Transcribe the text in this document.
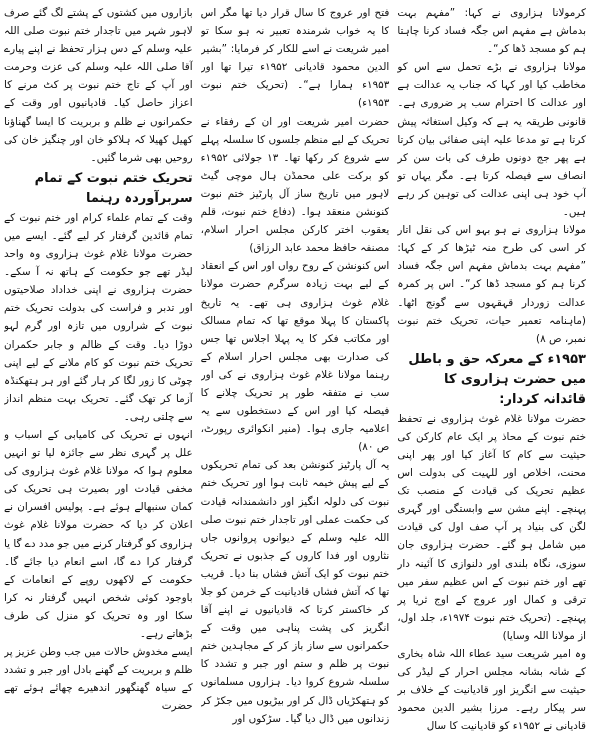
کرمولانا ہزاروی نے کہا: ”مفہم بہت بدماش ہے مفہم اس جگہ فساد کرنا چاہتا ہم کو مسجد ڈھا کر“۔

مولانا ہزاروی نے بڑے تحمل سے اس کو مخاطب کیا اور کہا کہ جناب یہ عدالت ہے اور عدالت کا احترام سب پر ضروری ہے۔ قانونی طریقہ یہ ہے کہ وکیل استغاثہ پیش کرتا ہے تو مدعا علیہ اپنی صفائی بیان کرتا ہے پھر جج دونوں طرف کی بات سن کر انصاف سے فیصلہ کرتا ہے۔ مگر یہاں تو آپ خود ہی اپنی عدالت کی توہین کر رہے ہیں۔

مولانا ہزاروی نے ہو بہو اس کی نقل اتار کر اسی کی طرح منہ ٹیڑھا کر کے کہا: ”مفہم بہت بدماش مفہم اس جگہ فساد کرنا ہم کو مسجد ڈھا کر“۔ اس پر کمرہ عدالت زوردار قہقہوں سے گونج اٹھا۔ (ماہنامہ تعمیر حیات، تحریک ختم نبوت نمبر، ص ۸)

۱۹۵۳ء کے معرکہ حق و باطل میں حضرت ہزاروی کا قائدانہ کردار:

حضرت مولانا غلام غوث ہزاروی نے تحفظ ختم نبوت کے محاذ پر ایک عام کارکن کی حیثیت سے کام کا آغاز کیا اور پھر اپنی محنت، اخلاص اور للہیت کی بدولت اس عظیم تحریک کی قیادت کے منصب تک پہنچے۔ اپنے مشن سے وابستگی اور گہری لگن کی بنیاد پر آپ صف اول کی قیادت میں شامل ہو گئے۔ حضرت ہزاروی جان سوزی، نگاہ بلندی اور دلنوازی کا آئینہ دار تھے اور ختم نبوت کے اس عظیم سفر میں ترقی و کمال اور عروج کے اوج ثریا پر پہنچے۔ (تحریک ختم نبوت ۱۹۷۴ء، جلد اول، از مولانا اللہ وسایا)

وہ امیر شریعت سید عطاء اللہ شاہ بخاری کے شانہ بشانہ مجلس احرار کے لیڈر کی حیثیت سے انگریز اور قادیانیت کے خلاف بر سر پیکار رہے۔ مرزا بشیر الدین محمود قادیانی نے ۱۹۵۲ء کو قادیانیت کا سال

فتح اور عروج کا سال قرار دیا تھا مگر اس کا یہ خواب شرمندہ تعبیر نہ ہو سکا تو امیر شریعت نے اسے للکار کر فرمایا: ”بشیر الدین محمود قادیانی ۱۹۵۲ء تیرا تھا اور ۱۹۵۳ء ہمارا ہے“۔ (تحریک ختم نبوت ۱۹۵۳ء)

حضرت امیر شریعت اور ان کے رفقاء نے تحریک کے لیے منظم جلسوں کا سلسلہ پہلے سے شروع کر رکھا تھا۔ ۱۳ جولائی ۱۹۵۲ء کو برکت علی محمڈن ہال موچی گیٹ لاہور میں تاریخ ساز آل پارٹیز ختم نبوت کنونشن منعقد ہوا۔ (دفاع ختم نبوت، قلم یعقوب اختر کارکن مجلس احرار اسلام، مصنفہ حافظ محمد عابد الرزاق)

اس کنونشن کے روح رواں اور اس کے انعقاد کے لیے بہت زیادہ سرگرم حضرت مولانا غلام غوث ہزاروی ہی تھے۔ یہ تاریخ پاکستان کا پہلا موقع تھا کہ تمام مسالک اور مکاتب فکر کا یہ پہلا اجلاس تھا جس کی صدارت بھی مجلس احرار اسلام کے رہنما مولانا غلام غوث ہزاروی نے کی اور سب نے متفقہ طور پر تحریک چلانے کا فیصلہ کیا اور اس کے دستخطوں سے یہ اعلامیہ جاری ہوا۔ (منیر انکوائری رپورٹ، ص ۸۰)

یہ آل پارٹیز کنونشن بعد کی تمام تحریکوں کے لیے پیش خیمہ ثابت ہوا اور تحریک ختم نبوت کی دلولہ انگیز اور دانشمندانہ قیادت کی حکمت عملی اور تاجدار ختم نبوت صلی اللہ علیہ وسلم کے دیوانوں پروانوں جاں نثاروں اور فدا کاروں کے جذبوں نے تحریک ختم نبوت کو ایک آتش فشاں بنا دیا۔ قریب تھا کہ آتش فشاں قادیانیت کے خرمن کو جلا کر خاکستر کرتا کہ قادیانیوں نے اپنے آقا انگریز کی پشت پناہی میں وقت کے حکمرانوں سے ساز باز کر کے مجاہدین ختم نبوت پر ظلم و ستم اور جبر و تشدد کا سلسلہ شروع کروا دیا۔ ہزاروں مسلمانوں کو ہتھکڑیاں ڈال کر اور بیڑیوں میں جکڑ کر زندانوں میں ڈال دیا گیا۔ سڑکوں اور

بازاروں میں کشتوں کے پشتے لگ گئے صرف لاہور شہر میں تاجدار ختم نبوت صلی اللہ علیہ وسلم کے دس ہزار تحفظ نے اپنے پیارے آقا صلی اللہ علیہ وسلم کی عزت وحرمت اور آپ کے تاج ختم نبوت پر کٹ مرنے کا اعزاز حاصل کیا۔ قادیانیوں اور وقت کے حکمرانوں نے ظلم و بربریت کا ایسا گھناؤنا کھیل کھیلا کہ ہلاکو خان اور چنگیز خان کی روحیں بھی شرما گئیں۔

تحریک ختم نبوت کے تمام سربرآوردہ رہنما

وقت کے تمام علماء کرام اور ختم نبوت کے تمام قائدین گرفتار کر لیے گئے۔ ایسے میں حضرت مولانا غلام غوث ہزاروی وہ واحد لیڈر تھے جو حکومت کے ہاتھ نہ آ سکے۔ حضرت ہزاروی نے اپنی خداداد صلاحیتوں اور تدبر و فراست کی بدولت تحریک ختم نبوت کے شراروں میں تازہ اور گرم لہو دوڑا دیا۔ وقت کے ظالم و جابر حکمران تحریک ختم نبوت کو کام ملانے کے لیے اپنی چوٹی کا زور لگا کر ہار گئے اور ہر ہتھکنڈہ آزما کر تھک گئے۔ تحریک بہت منظم انداز سے چلتی رہی۔

انہوں نے تحریک کی کامیابی کے اسباب و علل پر گہری نظر سے جائزہ لیا تو انہیں معلوم ہوا کہ مولانا غلام غوث ہزاروی کی مخفی قیادت اور بصیرت ہی تحریک کی کمان سنبھالے ہوئے ہے۔ پولیس افسران نے اعلان کر دیا کہ حضرت مولانا غلام غوث ہزاروی کو گرفتار کرنے میں جو مدد دے گا یا گرفتار کرا دے گا، اسے انعام دیا جائے گا۔ حکومت کے لاکھوں روپے کے انعامات کے باوجود کوئی شخص انہیں گرفتار نہ کرا سکا اور وہ تحریک کو منزل کی طرف بڑھاتے رہے۔

ایسے مخدوش حالات میں جب وطن عزیز پر ظلم و بربریت کے گھنے بادل اور جبر و تشدد کے سیاہ گھنگھور اندھیرے چھائے ہوئے تھے حضرت
